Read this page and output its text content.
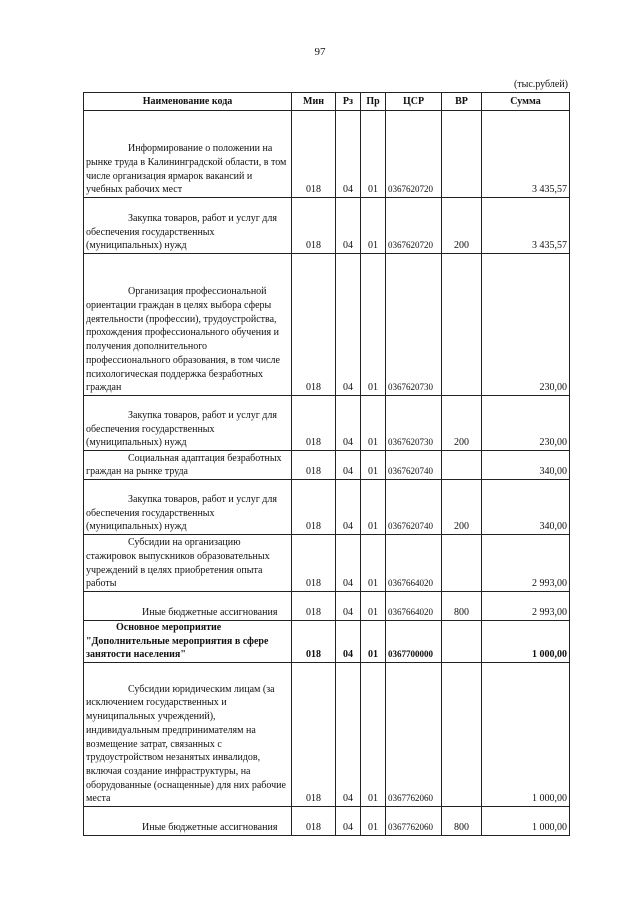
97
(тыс.рублей)
Наименование кода	Мин	Рз	Пр	ЦСР	ВР	Сумма

Информирование о положении на рынке труда в Калининградской области, в том числе организация ярмарок вакансий и учебных рабочих мест	018	04	01	0367620720		3 435,57

Закупка товаров, работ и услуг для обеспечения государственных (муниципальных) нужд	018	04	01	0367620720	200	3 435,57

Организация профессиональной ориентации граждан в целях выбора сферы деятельности (профессии), трудоустройства, прохождения профессионального обучения и получения дополнительного профессионального образования, в том числе психологическая поддержка безработных граждан	018	04	01	0367620730		230,00

Закупка товаров, работ и услуг для обеспечения государственных (муниципальных) нужд	018	04	01	0367620730	200	230,00

Социальная адаптация безработных граждан на рынке труда	018	04	01	0367620740		340,00

Закупка товаров, работ и услуг для обеспечения государственных (муниципальных) нужд	018	04	01	0367620740	200	340,00

Субсидии на организацию стажировок выпускников образовательных учреждений в целях приобретения опыта работы	018	04	01	0367664020		2 993,00

Иные бюджетные ассигнования	018	04	01	0367664020	800	2 993,00

Основное мероприятие "Дополнительные мероприятия в сфере занятости населения"	018	04	01	0367700000		1 000,00

Субсидии юридическим лицам (за исключением государственных и муниципальных учреждений), индивидуальным предпринимателям на возмещение затрат, связанных с трудоустройством незанятых инвалидов, включая создание инфраструктуры, на оборудованные (оснащенные) для них рабочие места	018	04	01	0367762060		1 000,00

Иные бюджетные ассигнования	018	04	01	0367762060	800	1 000,00
